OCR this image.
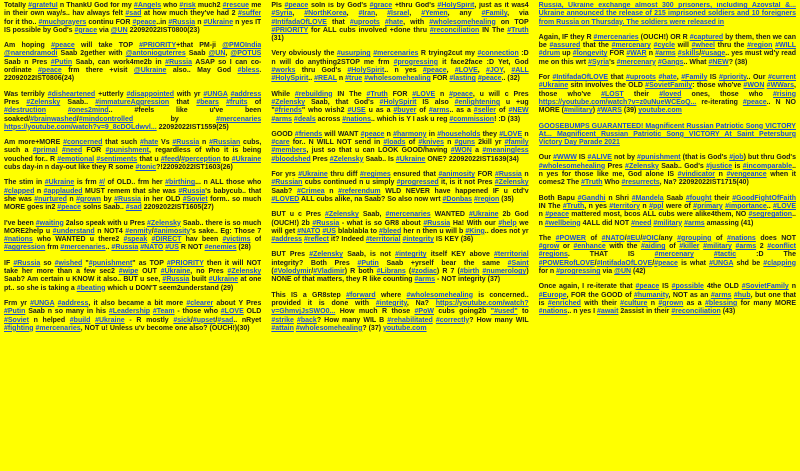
Totally #grateful n ThankU God for my #Angels who #risk much2 #rescue me in their own way/s.. hav always felt #sad at how much they've had 2 #suffer for it tho.. #muchprayers continu FOR #peace..in #Russia n #Ukraine n yes IT IS possible by God's #grace via @UN 22092022IST0800(23)

Am hoping #peace will take TOP #PRIORITY+that PM-ji @PMOIndia @narendramodi Saab 2gether with @antonioguterres Saab @UN, @POTUS Saab n Pres #Putin Saab, can work4me2b in #Russia ASAP so I can co-ordinate #peace frm there +visit @Ukraine also.. May God #bless. 22092022IST0806(24)

Was terribly #disheartened +utterly #disappointed with yr #UNGA #address Pres #Zelensky Saab.. #immatureAggression that #bears #fruits of #destruction	#ones2mind.. #feels like u've been soaked/#brainwashed/#mindcontrolled by #mercenaries https://youtube.com/watch?v=9_8cDOLdwvl... 22092022IST1559(25)

Am more+MORE #concerned that such #hate Vs #Russia n #Russian cubs, such a #primal #need FOR #punishment, regardless of who it is being vouched for.. R #emotional #sentiments that u #feed/#perception to #Ukraine cubs day-in n day-out like they R some #tonic?!22092022IST1603(26)

The stim in #Ukraine is frm #/ of OLD.. frm her #birthing... n ALL those who #clapped n #applauded MUST remem that she was #Russia's babycub.. that she was #nurtured n #grown by #Russia in her OLD #Soviet form.. so much MORE goes in2 #peace solns Saab.. #sad 22092022IST1605(27)

I've been #waiting 2also speak with u Pres #Zelensky Saab.. there is so much MORE2help u #understand n NOT4 #enmity/#animosity's sake.. Eg: Those 7 #nations who WANTED u there2 #speak #DIRECT hav been #victims of #aggression frm #mercenaries.. #Russia #NATO #US R NOT #enemies (28)

IF #Russia so #wished "#punishment" as TOP #PRIORITY then it will NOT take her more than a few sec2 #wipe OUT #Ukraine, no Pres #Zelensky Saab? Am certain u KNOW it also.. BUT u see, #Russia built #Ukraine at one pt.. so she is taking a #beating which u DON'T seem2understand (29)

Frm yr #UNGA #address, it also became a bit more #clearer about Y Pres #Putin Saab n so many in his #Leadership #Team - those who #LOVE OLD #Soviet n helped #build #Ukraine - R mostly #sick/#upset/#sad.. nRyet #fighting #mercenaries, NOT u! Unless u'v become one also? (OUCH!)(30)

Pls #peace soln is by God's #grace +thru God's #HolySpirit, just as it was4 #Syria, #NorthKorea, #Iran, #Israel, #Yemen, any #Family, via #IntifadaOfLOVE that #uproots #hate, with #wholesomehealing on TOP #PRIORITY for ALL cubs involved +done thru #reconciliation IN The #Truth (31)

Very obviously the #usurping #mercenaries R trying2cut my #connection :D n will do anything2STOP me frm #progressing it face2face :D Yet, God #works thru God's #HolySpirit.. n yes #peace, #LOVE, #JOY, #ALL #HolySpirit.. #REAL n #true #wholesomehealing FOR #lasting #peace.. (32)

While #rebuilding IN The #Truth FOR #LOVE n #peace, u will c Pres #Zelensky Saab, that God's #HolySpirit IS also #enlightening u +ug "#friends" who wish2 #USE u as a #buyer of #arms.. as a #seller of #NEW #arms #deals across #nations.. which is Y I ask u reg #commission! :D (33)

GOOD #friends will WANT #peace n #harmony in #households they #LOVE n #care for.. N WILL NOT send in #loads of #knives n #guns 2kill yr #family #members, just so that u can LOOK GOOD/having #WON a #meaningless #bloodshed Pres #Zelensky Saab.. Is #Ukraine ONE? 22092022IST1639(34)

For yrs #Ukraine thru diff #regimes ensured that #animosity FOR #Russia n #Russian cubs continued n u simply #progressed it, is it not Pres #Zelensky Saab? #Crimea n #referendum WLD NEVER have happened IF u ctd'v #LOVED ALL cubs alike, na Saab? So also now wrt #Donbas #region (35)

BUT u c Pres #Zelensky Saab, #mercenaries WANTED #Ukraine 2b God (OUCH!) 2b #Russia - what is so GR8 about #Russia Ha! With our #help we will get #NATO #US blablabla to #bleed her n then u will b #King.. does not yr #address #reflect it? Indeed #territorial #integrity IS KEY (36)

BUT Pres #Zelensky Saab, is not #integrity itself KEY above #territorial integrity? Both Pres #Putin Saab +yrself bear the same #Saint (#Volodymir/#Vladimir) R both #Librans (#zodiac) R 7 (#birth #numerology) NONE of that matters, they R like counting #arms - NOT integrity (37)

This IS a GR8step #forward where #wholesomehealing is concerned.. provided it is done with #integrity, Na? https://youtube.com/watch?v=GhmvjJsSWO0... How much R those #PoW cubs going2b "#used" to #strike #back? How many WIL B #rehabilitated #correctly? How many WIL #attain #wholesomehealing? (37) youtube.com

Russia, Ukraine exchange almost 300 prisoners, including Azovstal &... Ukraine announced the release of 215 imprisoned soldiers and 10 foreigners from Russia on Thursday. The soldiers were released in

Again, IF they R #mercenaries (OUCH!) OR R #captured by them, then we can be #assured that the #mercenary #cycle will #wheel thru the #region #WILL #drum up #longevity FOR #WAR n #arms #skills/#usage.. yes must wd'y read me on this wrt #Syria's #mercenary #Gangs.. What #NEW? (38)

For #IntifadaOfLOVE that #uproots #hate, #Family IS #priority.. Our #current #Ukraine sitn involves the OLD #SovietFamily: those who've #WON #WWars, those who've #LOST their #loved ones, those who #rising https://youtube.com/watch?v=z0uNueWCEoQ... re-iterating #peace.. N NO MORE (#military) #WARS (39) youtube.com

GOOSEBUMPS GUARANTEED! Magnificent Russian Patriotic Song VICTORY At... Magnificent Russian Patriotic Song VICTORY At Saint Petersburg Victory Day Parade 2021

Our #WWW IS #ALIVE not by #punishment (that is God's #job) but thru God's #wholesomehealing Pres #Zelensky Saab.. God's #justice is #incomparable.. n yes for those like me, God alone IS #vindicator n #vengeance when it comes2 The #Truth Who #resurrects, Na? 22092022IST1715(40)

Both Bapu #Gandhi n Shri #Mandela Saab #fought their #GoodFightOfFaith IN The #Truth, n yes #territory n #ppl were of #primary #importance.. #LOVE n #peace mattered most, bcos ALL cubs were alike4them, NO #segregation.. n #wellbeing 4ALL did NOT #need #military #arms amassing (41)

The #POWER of #NATO/#EU/#OIC/any #grouping of #nations does NOT #grow or #enhance with the #aiding of #killer #military #arms 2 #conflict #regions. THAT IS #mercenary	#tactic :D The #POWERofLOVE/#IntifadaOfLOVE/#peace is what #UNGA shd be #clapping for n #progressing via @UN (42)

Once again, I re-iterate that #peace IS #possible 4the OLD #SovietFamily n #Europe, FOR the GOOD of #humanity, NOT as an #arms #hub, but one that is #enriched with their #culture n #grown as a #blessing for many MORE #nations.. n yes I #await 2assist in their #reconciliation (43)
